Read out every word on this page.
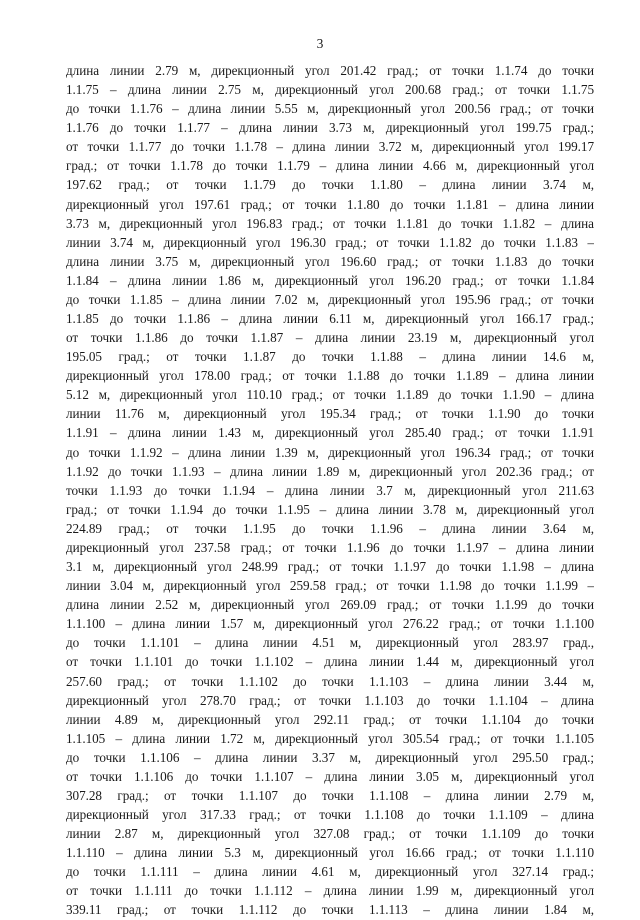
3
длина линии 2.79 м, дирекционный угол 201.42 град.; от точки 1.1.74 до точки
1.1.75 – длина линии 2.75 м, дирекционный угол 200.68 град.; от точки 1.1.75
до точки 1.1.76 – длина линии 5.55 м, дирекционный угол 200.56 град.; от точки
1.1.76 до точки 1.1.77 – длина линии 3.73 м, дирекционный угол 199.75 град.;
от точки 1.1.77 до точки 1.1.78 – длина линии 3.72 м, дирекционный угол 199.17
град.; от точки 1.1.78 до точки 1.1.79 – длина линии 4.66 м, дирекционный угол
197.62 град.; от точки 1.1.79 до точки 1.1.80 – длина линии 3.74 м,
дирекционный угол 197.61 град.; от точки 1.1.80 до точки 1.1.81 – длина линии
3.73 м, дирекционный угол 196.83 град.; от точки 1.1.81 до точки 1.1.82 – длина
линии 3.74 м, дирекционный угол 196.30 град.; от точки 1.1.82 до точки 1.1.83 –
длина линии 3.75 м, дирекционный угол 196.60 град.; от точки 1.1.83 до точки
1.1.84 – длина линии 1.86 м, дирекционный угол 196.20 град.; от точки 1.1.84
до точки 1.1.85 – длина линии 7.02 м, дирекционный угол 195.96 град.; от точки
1.1.85 до точки 1.1.86 – длина линии 6.11 м, дирекционный угол 166.17 град.;
от точки 1.1.86 до точки 1.1.87 – длина линии 23.19 м, дирекционный угол
195.05 град.; от точки 1.1.87 до точки 1.1.88 – длина линии 14.6 м,
дирекционный угол 178.00 град.; от точки 1.1.88 до точки 1.1.89 – длина линии
5.12 м, дирекционный угол 110.10 град.; от точки 1.1.89 до точки 1.1.90 – длина
линии 11.76 м, дирекционный угол 195.34 град.; от точки 1.1.90 до точки
1.1.91 – длина линии 1.43 м, дирекционный угол 285.40 град.; от точки 1.1.91
до точки 1.1.92 – длина линии 1.39 м, дирекционный угол 196.34 град.; от точки
1.1.92 до точки 1.1.93 – длина линии 1.89 м, дирекционный угол 202.36 град.; от
точки 1.1.93 до точки 1.1.94 – длина линии 3.7 м, дирекционный угол 211.63
град.; от точки 1.1.94 до точки 1.1.95 – длина линии 3.78 м, дирекционный угол
224.89 град.; от точки 1.1.95 до точки 1.1.96 – длина линии 3.64 м,
дирекционный угол 237.58 град.; от точки 1.1.96 до точки 1.1.97 – длина линии
3.1 м, дирекционный угол 248.99 град.; от точки 1.1.97 до точки 1.1.98 – длина
линии 3.04 м, дирекционный угол 259.58 град.; от точки 1.1.98 до точки 1.1.99 –
длина линии 2.52 м, дирекционный угол 269.09 град.; от точки 1.1.99 до точки
1.1.100 – длина линии 1.57 м, дирекционный угол 276.22 град.; от точки 1.1.100
до точки 1.1.101 – длина линии 4.51 м, дирекционный угол 283.97 град.,
от точки 1.1.101 до точки 1.1.102 – длина линии 1.44 м, дирекционный угол
257.60 град.; от точки 1.1.102 до точки 1.1.103 – длина линии 3.44 м,
дирекционный угол 278.70 град.; от точки 1.1.103 до точки 1.1.104 – длина
линии 4.89 м, дирекционный угол 292.11 град.; от точки 1.1.104 до точки
1.1.105 – длина линии 1.72 м, дирекционный угол 305.54 град.; от точки 1.1.105
до точки 1.1.106 – длина линии 3.37 м, дирекционный угол 295.50 град.;
от точки 1.1.106 до точки 1.1.107 – длина линии 3.05 м, дирекционный угол
307.28 град.; от точки 1.1.107 до точки 1.1.108 – длина линии 2.79 м,
дирекционный угол 317.33 град.; от точки 1.1.108 до точки 1.1.109 – длина
линии 2.87 м, дирекционный угол 327.08 град.; от точки 1.1.109 до точки
1.1.110 – длина линии 5.3 м, дирекционный угол 16.66 град.; от точки 1.1.110
до точки 1.1.111 – длина линии 4.61 м, дирекционный угол 327.14 град.;
от точки 1.1.111 до точки 1.1.112 – длина линии 1.99 м, дирекционный угол
339.11 град.; от точки 1.1.112 до точки 1.1.113 – длина линии 1.84 м,
